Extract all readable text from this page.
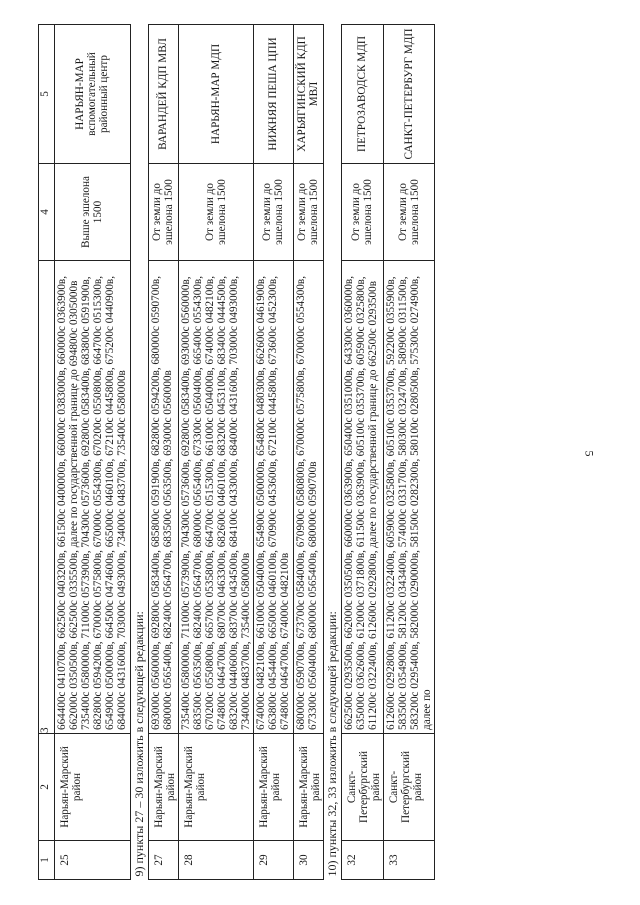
5
1	2	3	4	5
25	Нарьян-Марский район	664400с 0410700в, 662500с 0403200в, 661500с 0400000в, 660000с 0383000в, 660000с 0363900в, 662000с 0350500в, 662500с 0335500в, далее по государственной границе до 694800с 0305000в 735400с 0580000в, 711000с 0573900в, 704300с 0573600в, 692800с 0583400в, 683800с 0591900в, 682800с 0594200в, 670000с 0575800в, 670000с 0554300в, 670200с 0550800в, 664700с 0515300в, 654900с 0500000в, 664500с 0474600в, 665000с 0460100в, 672100с 0445800в, 675200с 0440900в, 684000с 0431600в, 703000с 0493000в, 734000с 0483700в, 735400с 0580000в	Выше эшелона 1500	НАРЬЯН-МАР вспомогательный районный центр
9) пункты 27 – 30 изложить в следующей редакции:				
27	Нарьян-Марский район	693000с 0560000в, 692800с 0583400в, 685800с 0591900в, 682800с 0594200в, 680000с 0590700в, 680000с 0565400в, 682400с 0564700в, 683500с 0563500в, 693000с 0560000в	От земли до эшелона 1500	ВАРАНДЕЙ КДП МВЛ
28	Нарьян-Марский район	735400с 0580000в, 711000с 0573900в, 704300с 0573600в, 692800с 0583400в, 693000с 0560000в, 683500с 0563500в, 682400с 0564700в, 680000с 0565400в, 673300с 0560400в, 665400с 0554300в, 670200с 0550800в, 665700с 0535800в, 664700с 0515300в, 661000с 0504000в, 674000с 0482100в, 674800с 0464700в, 680700с 0463300в, 682600с 0460100в, 683200с 0453100в, 683400с 0444500в, 683200с 0440600в, 683700с 0434500в, 684100с 0433000в, 684000с 0431600в, 703000с 0493000в, 734000с 0483700в, 735400с 0580000в	От земли до эшелона 1500	НАРЬЯН-МАР МДП
29	Нарьян-Марский район	674000с 0482100в, 661000с 0504000в, 654900с 0500000в, 654800с 0480300в, 662600с 0461900в, 663800с 0454400в, 665000с 0460100в, 670900с 0453600в, 672100с 0445800в, 673600с 0452300в, 674800с 0464700в, 674000с 0482100в	От земли до эшелона 1500	НИЖНЯЯ ПЕША ЦПИ
30	Нарьян-Марский район	680000с 0590700в, 673700с 0584000в, 670900с 0580800в, 670000с 0575800в, 670000с 0554300в, 673300с 0560400в, 680000с 0565400в, 680000с 0590700в	От земли до эшелона 1500	ХАРЬЯГИНСКИЙ КДП МВЛ
10) пункты 32, 33 изложить в следующей редакции:				
32	Санкт-Петербургский район	662500с 0293500в, 662000с 0350500в, 660000с 0363900в, 650400с 0351000в, 643300с 0360000в, 635000с 0362600в, 612000с 0371800в, 611500с 0363900в, 605100с 0353700в, 605900с 0325800в, 611200с 0322400в, 612600с 0292800в, далее по государственной границе до 662500с 0293500в	От земли до эшелона 1500	ПЕТРОЗАВОДСК МДП
33	Санкт-Петербургский район	612600с 0292800в, 611200с 0322400в, 605900с 0325800в, 605100с 0353700в, 592200с 0355900в, 583500с 0354900в, 581200с 0343400в, 574000с 0331700в, 580300с 0324700в, 580900с 0311500в, 583200с 0295400в, 582000с 0290000в, 581500с 0282300в, 580100с 0280500в, 575300с 0274900в, далее по	От земли до эшелона 1500	САНКТ-ПЕТЕРБУРГ МДП
